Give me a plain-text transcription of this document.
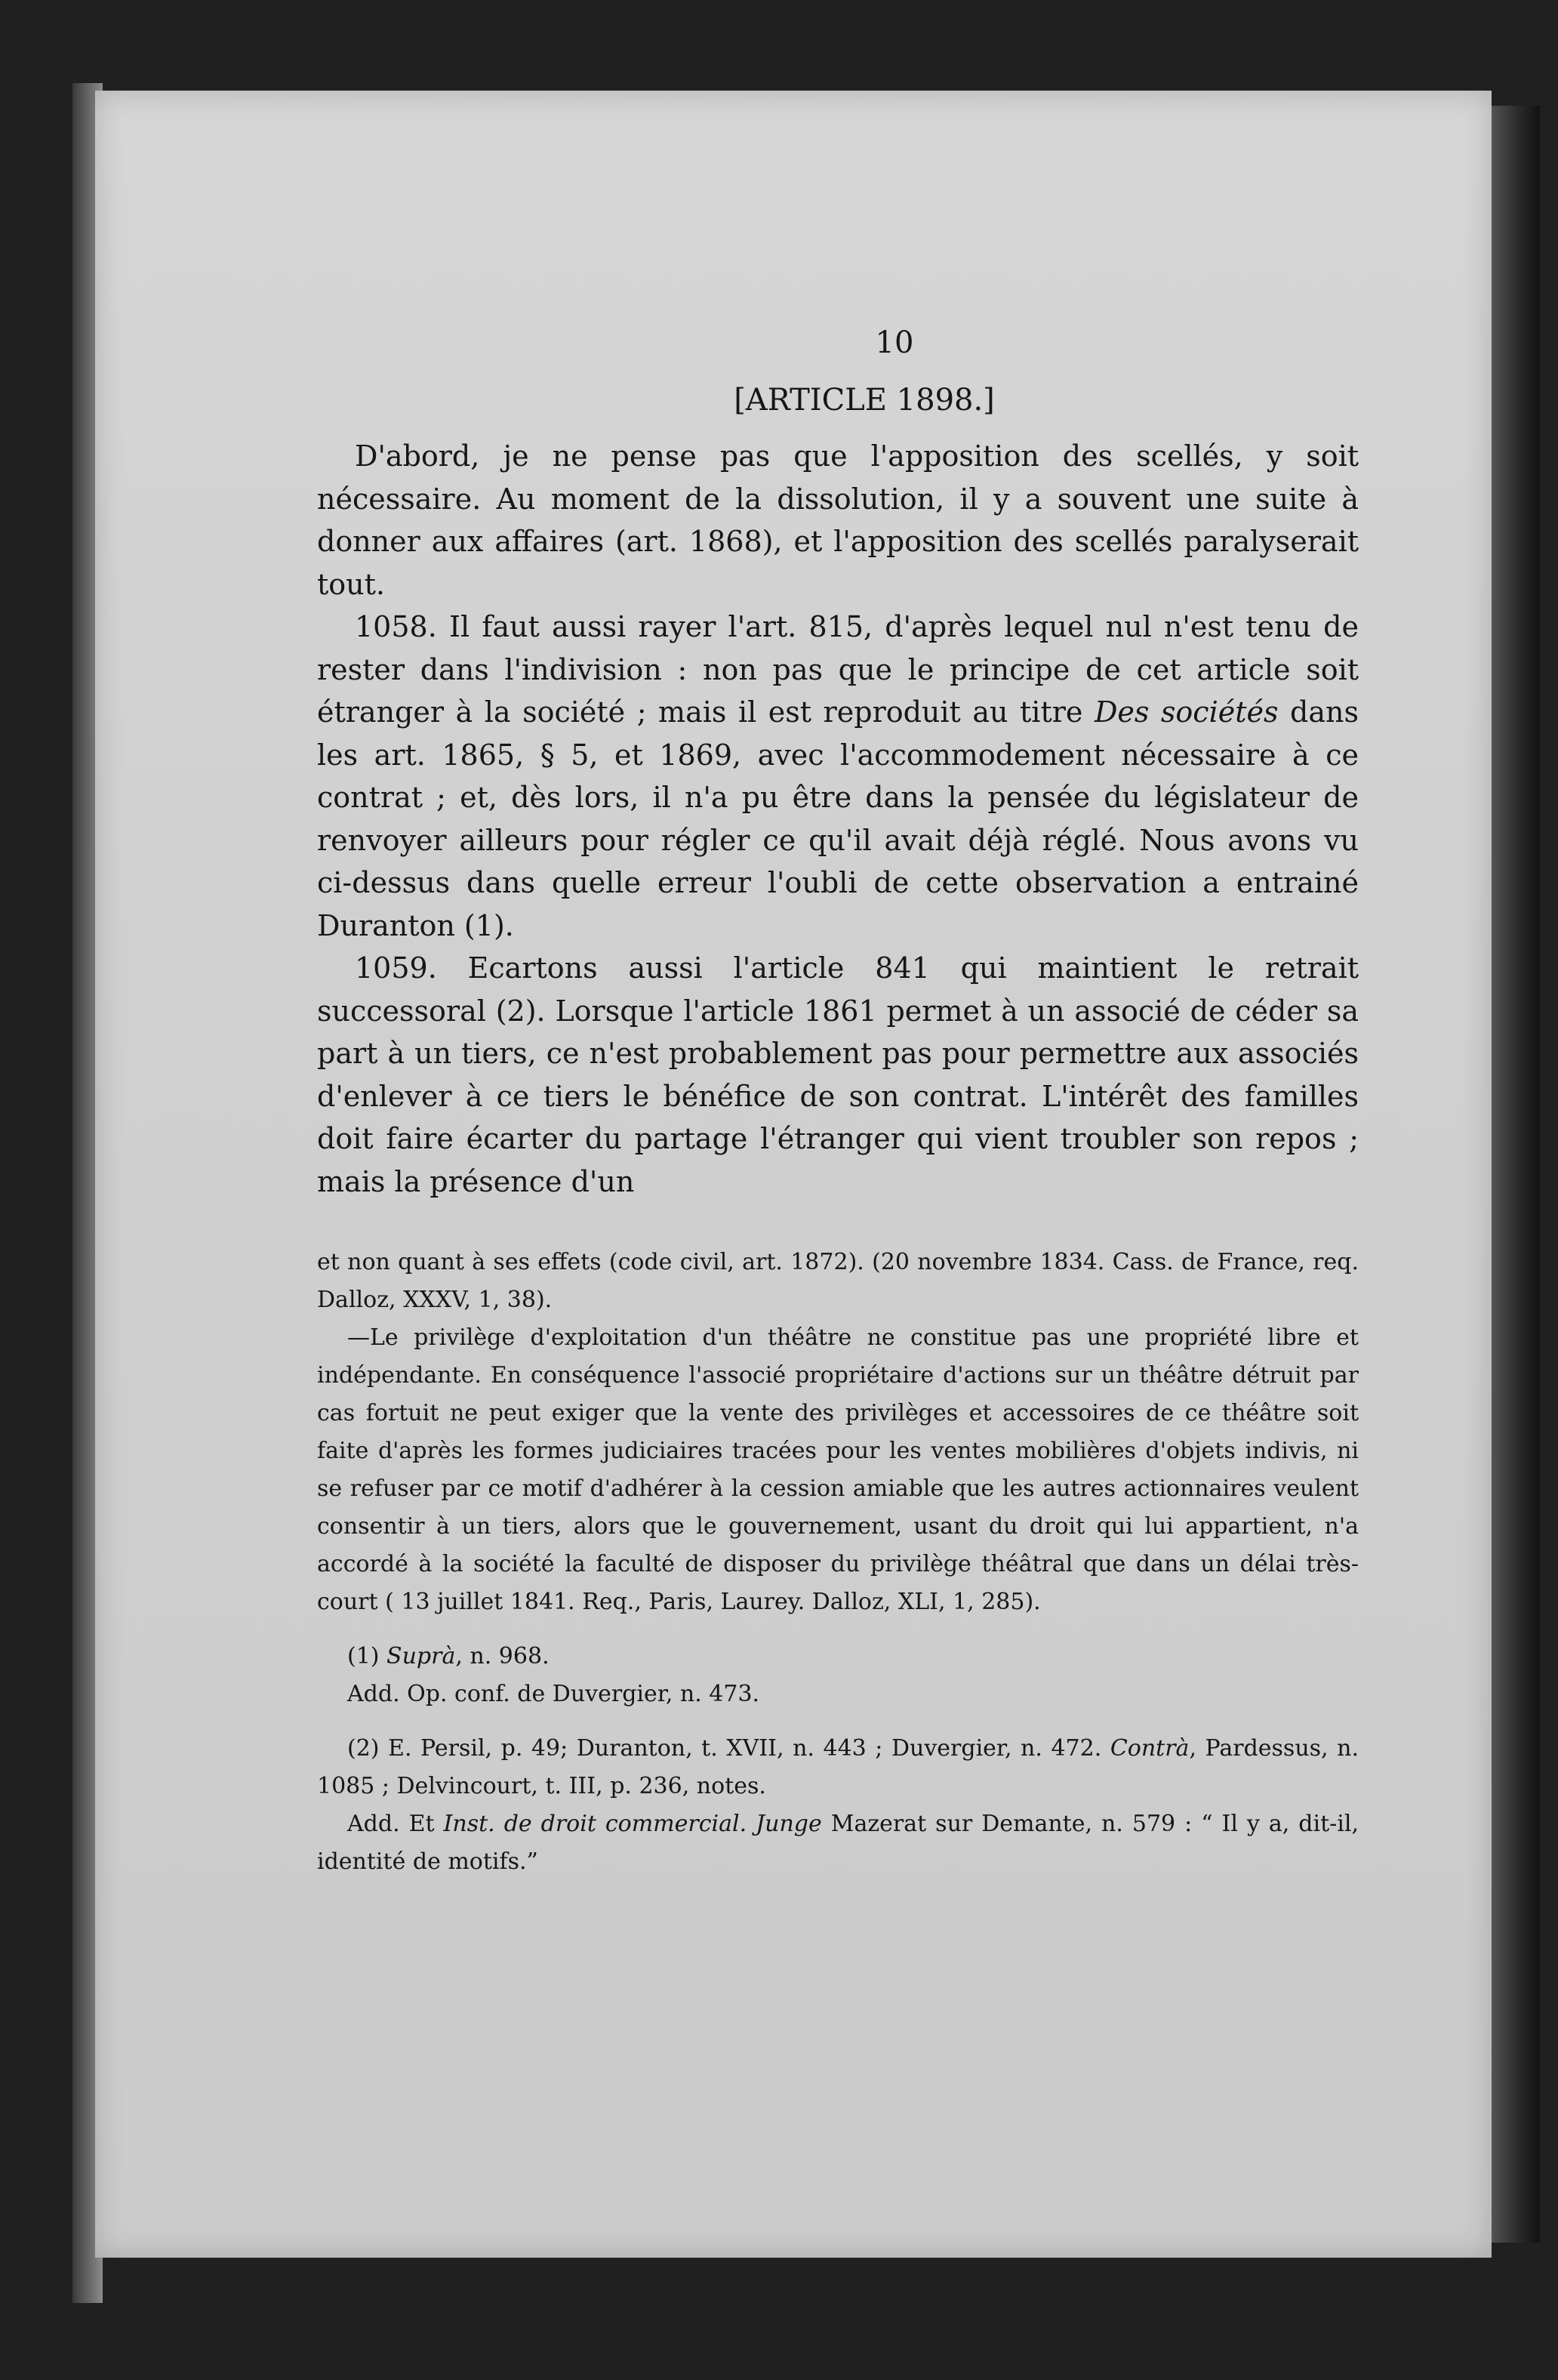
10
[ARTICLE 1898.]

D'abord, je ne pense pas que l'apposition des scellés, y soit nécessaire. Au moment de la dissolution, il y a souvent une suite à donner aux affaires (art. 1868), et l'apposition des scellés paralyserait tout.

1058. Il faut aussi rayer l'art. 815, d'après lequel nul n'est tenu de rester dans l'indivision : non pas que le principe de cet article soit étranger à la société ; mais il est reproduit au titre Des sociétés dans les art. 1865, § 5, et 1869, avec l'accommodement nécessaire à ce contrat ; et, dès lors, il n'a pu être dans la pensée du législateur de renvoyer ailleurs pour régler ce qu'il avait déjà réglé. Nous avons vu ci-dessus dans quelle erreur l'oubli de cette observation a entrainé Duranton (1).

1059. Ecartons aussi l'article 841 qui maintient le retrait successoral (2). Lorsque l'article 1861 permet à un associé de céder sa part à un tiers, ce n'est probablement pas pour permettre aux associés d'enlever à ce tiers le bénéfice de son contrat. L'intérêt des familles doit faire écarter du partage l'étranger qui vient troubler son repos ; mais la présence d'un

et non quant à ses effets (code civil, art. 1872). (20 novembre 1834. Cass. de France, req. Dalloz, XXXV, 1, 38).

—Le privilège d'exploitation d'un théâtre ne constitue pas une propriété libre et indépendante. En conséquence l'associé propriétaire d'actions sur un théâtre détruit par cas fortuit ne peut exiger que la vente des privilèges et accessoires de ce théâtre soit faite d'après les formes judiciaires tracées pour les ventes mobilières d'objets indivis, ni se refuser par ce motif d'adhérer à la cession amiable que les autres actionnaires veulent consentir à un tiers, alors que le gouvernement, usant du droit qui lui appartient, n'a accordé à la société la faculté de disposer du privilège théâtral que dans un délai très-court ( 13 juillet 1841. Req., Paris, Laurey. Dalloz, XLI, 1, 285).

(1) Suprà, n. 968.

Add. Op. conf. de Duvergier, n. 473.

(2) E. Persil, p. 49; Duranton, t. XVII, n. 443 ; Duvergier, n. 472. Contrà, Pardessus, n. 1085 ; Delvincourt, t. III, p. 236, notes.

Add. Et Inst. de droit commercial. Junge Mazerat sur Demante, n. 579 : “ Il y a, dit-il, identité de motifs.”
